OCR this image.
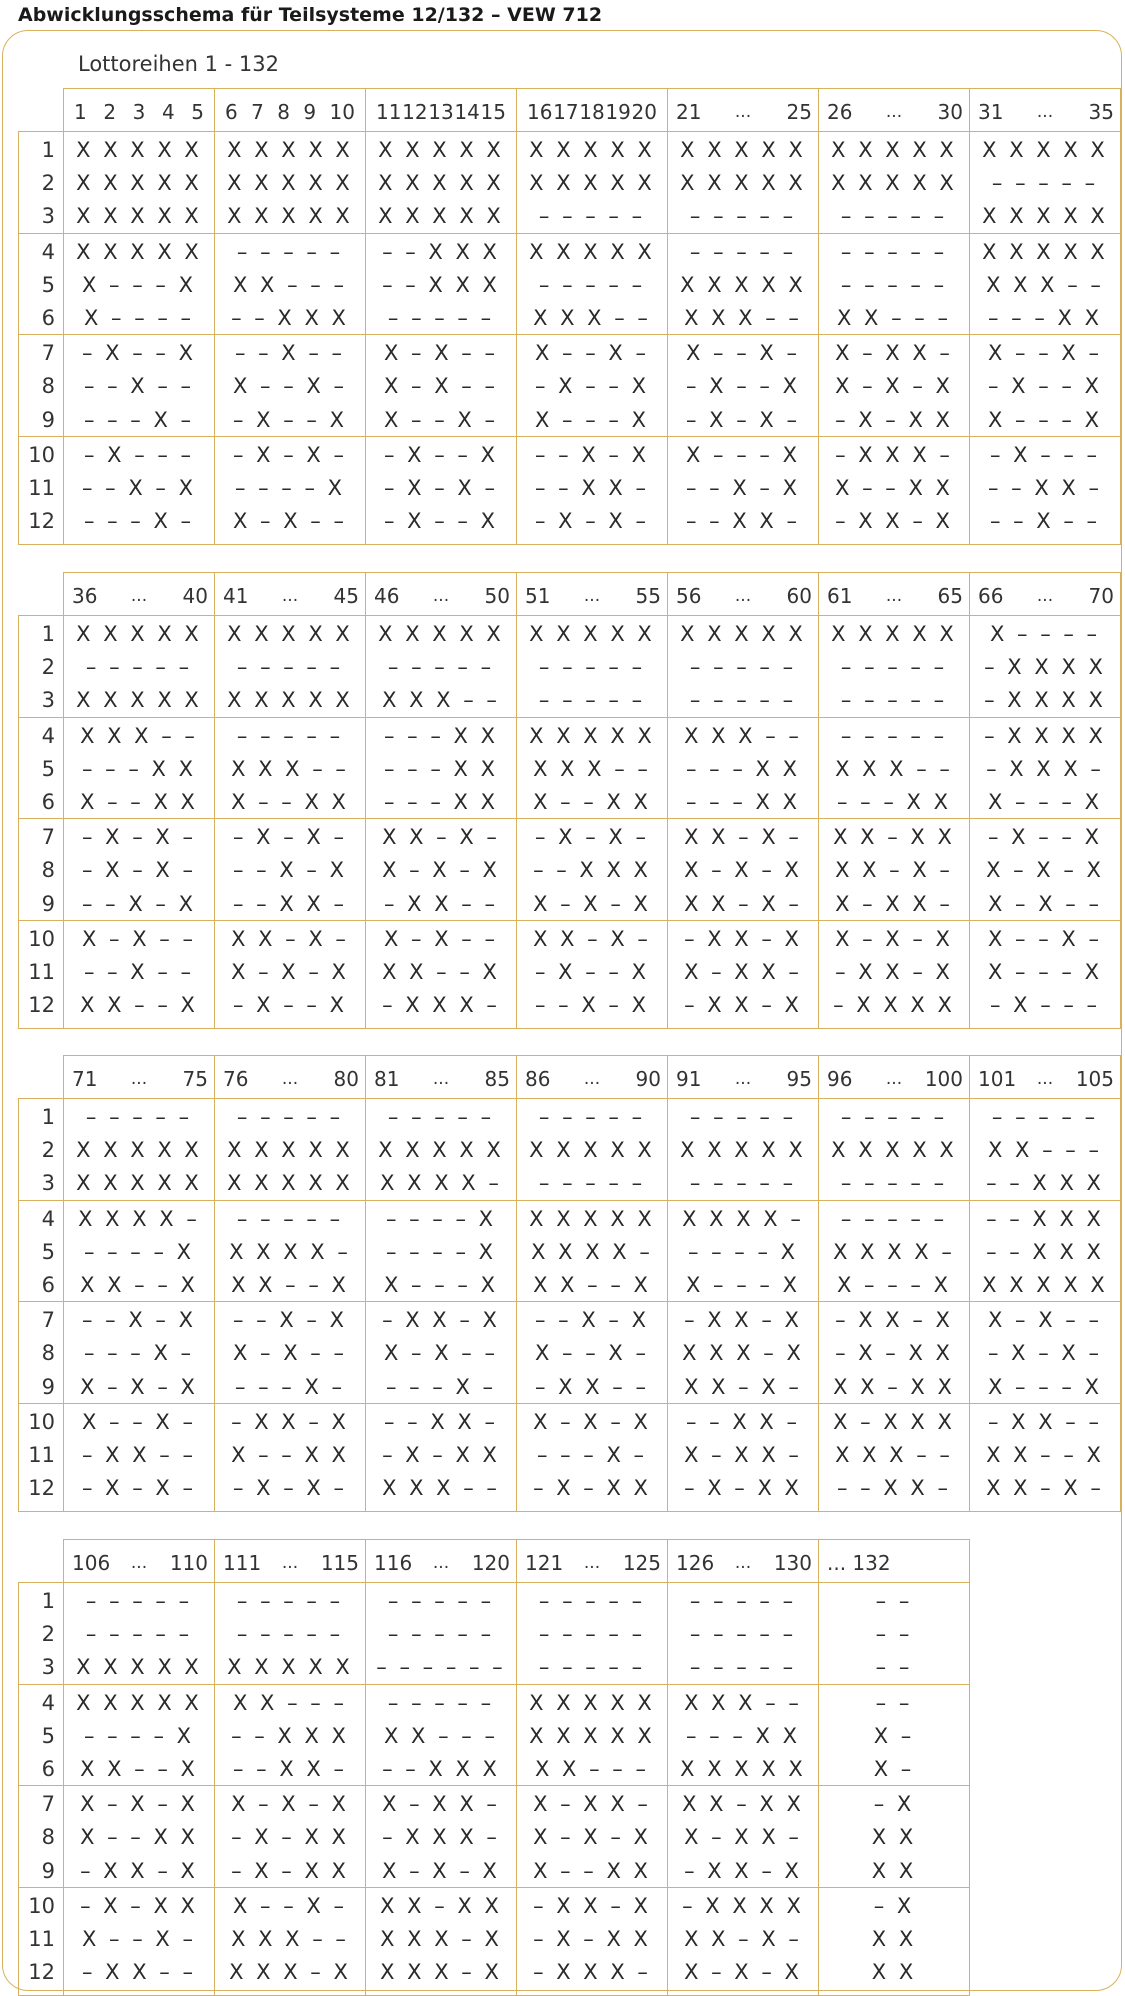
Abwicklungsschema für Teilsysteme 12/132 – VEW 712
Lottoreihen 1 - 132
1
2
3
4
5
6
7
8
9
10
11
12
1 2 3 4 5
X X X X X
X X X X X
X X X X X
X X X X X
X – – – X
X – – – –
– X – – X
– – X – –
– – – X –
– X – – –
– – X – X
– – – X –
6 7 8 9 10
X X X X X
X X X X X
X X X X X
– – – – –
X X – – –
– – X X X
– – X – –
X – – X –
– X – – X
– X – X –
– – – – X
X – X – –
11 12 13 14 15
X X X X X
X X X X X
X X X X X
– – X X X
– – X X X
– – – – –
X – X – –
X – X – –
X – – X –
– X – – X
– X – X –
– X – – X
16 17 18 19 20
X X X X X
X X X X X
– – – – –
X X X X X
– – – – –
X X X – –
X – – X –
– X – – X
X – – – X
– – X – X
– – X X –
– X – X –
21 ... 25
X X X X X
X X X X X
– – – – –
– – – – –
X X X X X
X X X – –
X – – X –
– X – – X
– X – X –
X – – – X
– – X – X
– – X X –
26 ... 30
X X X X X
X X X X X
– – – – –
– – – – –
– – – – –
X X – – –
X – X X –
X – X – X
– X – X X
– X X X –
X – – X X
– X X – X
31 ... 35
X X X X X
– – – – –
X X X X X
X X X X X
X X X – –
– – – X X
X – – X –
– X – – X
X – – – X
– X – – –
– – X X –
– – X – –
1
2
3
4
5
6
7
8
9
10
11
12
36 ... 40
X X X X X
– – – – –
X X X X X
X X X – –
– – – X X
X – – X X
– X – X –
– X – X –
– – X – X
X – X – –
– – X – –
X X – – X
41 ... 45
X X X X X
– – – – –
X X X X X
– – – – –
X X X – –
X – – X X
– X – X –
– – X – X
– – X X –
X X – X –
X – X – X
– X – – X
46 ... 50
X X X X X
– – – – –
X X X – –
– – – X X
– – – X X
– – – X X
X X – X –
X – X – X
– X X – –
X – X – –
X X – – X
– X X X –
51 ... 55
X X X X X
– – – – –
– – – – –
X X X X X
X X X – –
X – – X X
– X – X –
– – X X X
X – X – X
X X – X –
– X – – X
– – X – X
56 ... 60
X X X X X
– – – – –
– – – – –
X X X – –
– – – X X
– – – X X
X X – X –
X – X – X
X X – X –
– X X – X
X – X X –
– X X – X
61 ... 65
X X X X X
– – – – –
– – – – –
– – – – –
X X X – –
– – – X X
X X – X X
X X – X –
X – X X –
X – X – X
– X X – X
– X X X X
66 ... 70
X – – – –
– X X X X
– X X X X
– X X X X
– X X X –
X – – – X
– X – – X
X – X – X
X – X – –
X – – X –
X – – – X
– X – – –
1
2
3
4
5
6
7
8
9
10
11
12
71 ... 75
– – – – –
X X X X X
X X X X X
X X X X –
– – – – X
X X – – X
– – X – X
– – – X –
X – X – X
X – – X –
– X X – –
– X – X –
76 ... 80
– – – – –
X X X X X
X X X X X
– – – – –
X X X X –
X X – – X
– – X – X
X – X – –
– – – X –
– X X – X
X – – X X
– X – X –
81 ... 85
– – – – –
X X X X X
X X X X –
– – – – X
– – – – X
X – – – X
– X X – X
X – X – –
– – – X –
– – X X –
– X – X X
X X X – –
86 ... 90
– – – – –
X X X X X
– – – – –
X X X X X
X X X X –
X X – – X
– – X – X
X – – X –
– X X – –
X – X – X
– – – X –
– X – X X
91 ... 95
– – – – –
X X X X X
– – – – –
X X X X –
– – – – X
X – – – X
– X X – X
X X X – X
X X – X –
– – X X –
X – X X –
– X – X X
96 ... 100
– – – – –
X X X X X
– – – – –
– – – – –
X X X X –
X – – – X
– X X – X
– X – X X
X X – X X
X – X X X
X X X – –
– – X X –
101 ... 105
– – – – –
X X – – –
– – X X X
– – X X X
– – X X X
X X X X X
X – X – –
– X – X –
X – – – X
– X X – –
X X – – X
X X – X –
1
2
3
4
5
6
7
8
9
10
11
12
106 ... 110
– – – – –
– – – – –
X X X X X
X X X X X
– – – – X
X X – – X
X – X – X
X – – X X
– X X – X
– X – X X
X – – X –
– X X – –
111 ... 115
– – – – –
– – – – –
X X X X X
X X – – –
– – X X X
– – X X –
X – X – X
– X – X X
– X – X X
X – – X –
X X X – –
X X X – X
116 ... 120
– – – – –
– – – – –
– – – – – –
– – – – –
X X – – –
– – X X X
X – X X –
– X X X –
X – X – X
X X – X X
X X X – X
X X X – X
121 ... 125
– – – – –
– – – – –
– – – – –
X X X X X
X X X X X
X X – – –
X – X X –
X – X – X
X – – X X
– X X – X
– X – X X
– X X X –
126 ... 130
– – – – –
– – – – –
– – – – –
X X X – –
– – – X X
X X X X X
X X – X X
X – X X –
– X X – X
– X X X X
X X – X –
X – X – X
... 132
– –
– –
– –
– –
X –
X –
– X
X X
X X
– X
X X
X X
